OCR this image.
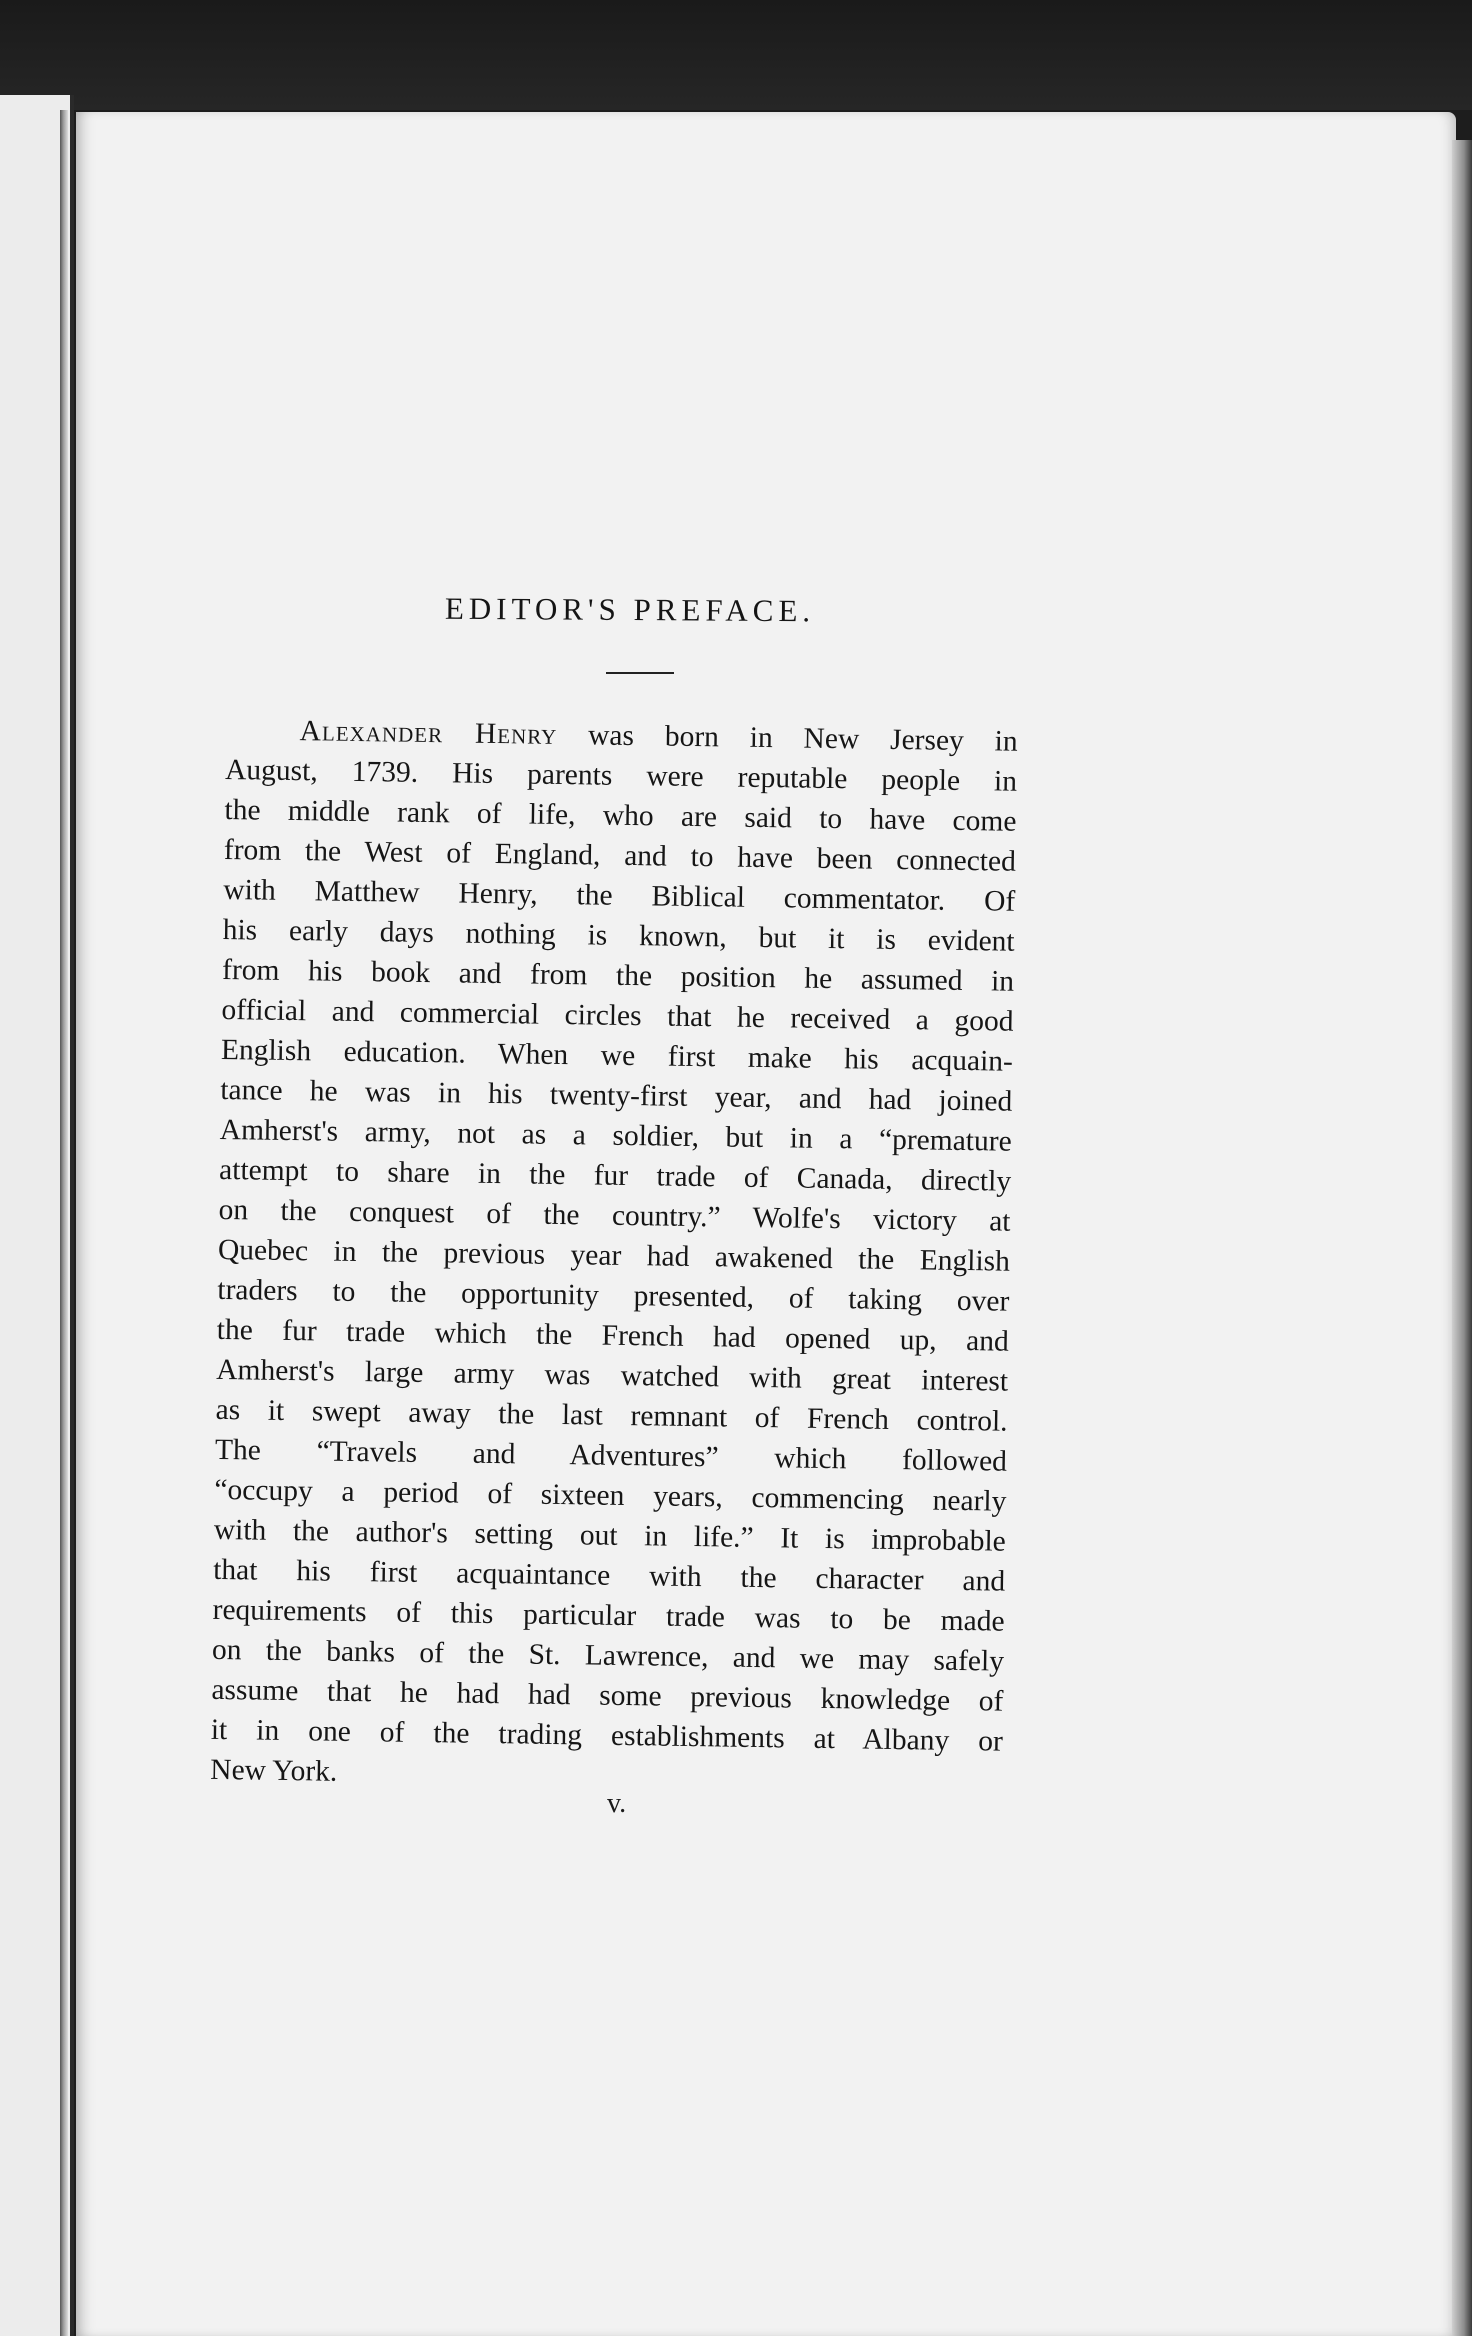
EDITOR'S PREFACE.
Alexander Henry was born in New Jersey in
August, 1739. His parents were reputable people in
the middle rank of life, who are said to have come
from the West of England, and to have been connected
with Matthew Henry, the Biblical commentator. Of
his early days nothing is known, but it is evident
from his book and from the position he assumed in
official and commercial circles that he received a good
English education. When we first make his acquain-
tance he was in his twenty-first year, and had joined
Amherst's army, not as a soldier, but in a “premature
attempt to share in the fur trade of Canada, directly
on the conquest of the country.” Wolfe's victory at
Quebec in the previous year had awakened the English
traders to the opportunity presented, of taking over
the fur trade which the French had opened up, and
Amherst's large army was watched with great interest
as it swept away the last remnant of French control.
The “Travels and Adventures” which followed
“occupy a period of sixteen years, commencing nearly
with the author's setting out in life.” It is improbable
that his first acquaintance with the character and
requirements of this particular trade was to be made
on the banks of the St. Lawrence, and we may safely
assume that he had had some previous knowledge of
it in one of the trading establishments at Albany or
New York.
v.
